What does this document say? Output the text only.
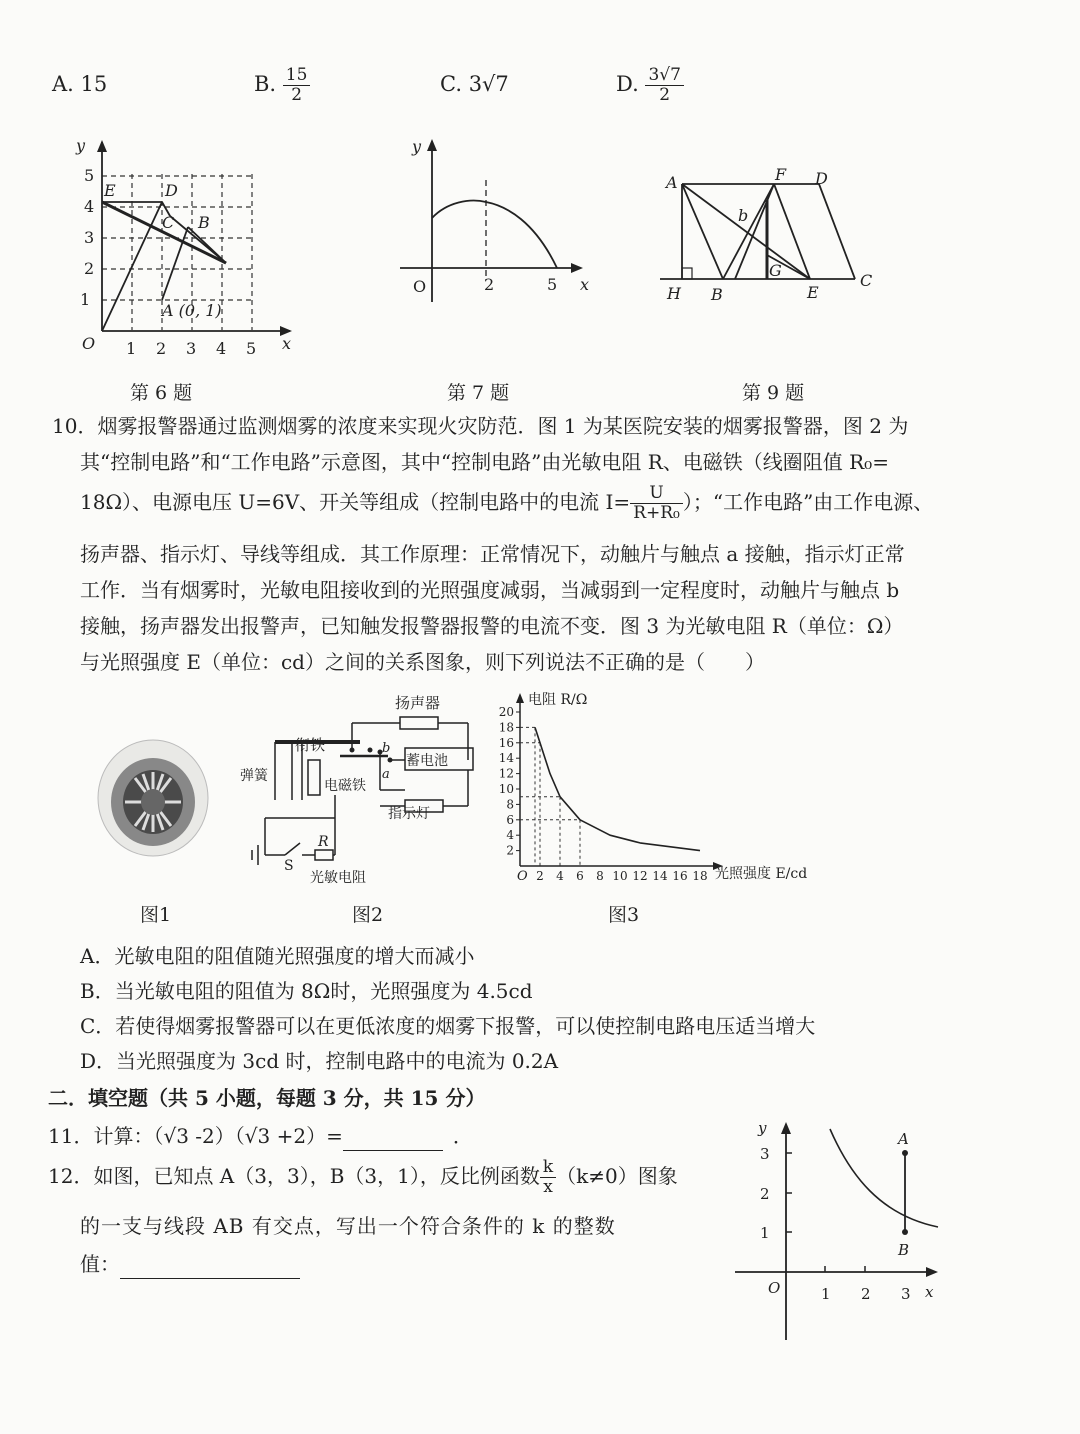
A. 15	B. $\frac{15}{2}$	C. 3√7	D. $\frac{3√7}{2}$
y
x
O 1 2 3 4 5
1
2
3
4
5
E	D
C B
A (0, 1)
第 6 题
y
x
O	2	5
第 7 题
A	F D
b
G
H B	E
C
第 9 题
10．烟雾报警器通过监测烟雾的浓度来实现火灾防范．图 1 为某医院安装的烟雾报警器，图 2 为
其“控制电路”和“工作电路”示意图，其中“控制电路”由光敏电阻 R、电磁铁（线圈阻值 R₀=
18Ω）、电源电压 U=6V、开关等组成（控制电路中的电流 $I= \frac{U}{\text{R+R₀}}$ ）；“工作电路”由工作电源、
扬声器、指示灯、导线等组成．其工作原理：正常情况下，动触片与触点 a 接触，指示灯正常
工作．当有烟雾时，光敏电阻接收到的光照强度减弱，当减弱到一定程度时，动触片与触点 b
接触，扬声器发出报警声，已知触发报警器报警的电流不变．图 3 为光敏电阻 R（单位：Ω）
与光照强度 E（单位：cd）之间的关系图象，则下列说法不正确的是（　　）
图1
扬声器
衔铁
弹簧
蓄电池
电磁铁
指示灯
S
R
光敏电阻
b
a
图2
电阻 R/Ω
光照强度 E/cd
O
2
4
6
8
10
12
14
16
18
20
2 4 6 8 10 12 14 16 18
图3
A．光敏电阻的阻值随光照强度的增大而减小
B．当光敏电阻的阻值为 8Ω时，光照强度为 4.5cd
C．若使得烟雾报警器可以在更低浓度的烟雾下报警，可以使控制电路电压适当增大
D．当光照强度为 3cd 时，控制电路中的电流为 0.2A
二．填空题（共 5 小题，每题 3 分，共 15 分）
11．计算：（√3 -2）（√3 +2）=	．
12．如图，已知点 A（3，3），B（3，1），反比例函数 $\frac{k}{x} (k\ne 0)$图象
的一支与线段 AB 有交点，写出一个符合条件的 k 的整数
值：
y
x
O	1 2 3
1
2
3
A
B
